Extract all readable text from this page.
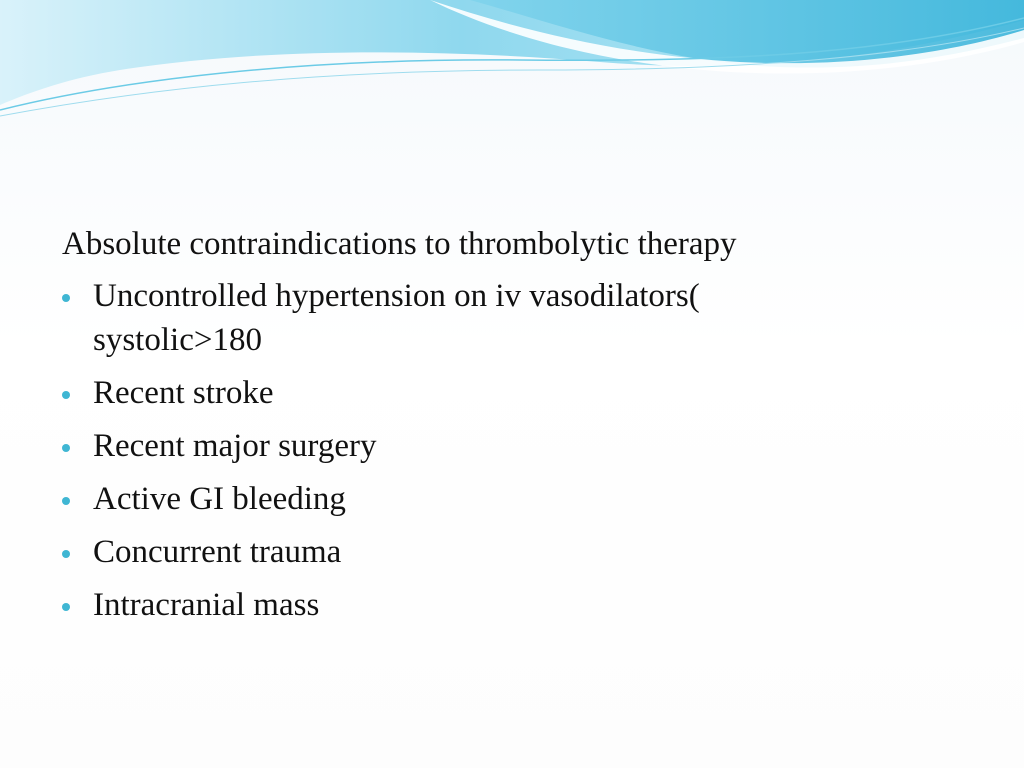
Absolute contraindications to thrombolytic therapy
Uncontrolled hypertension on iv vasodilators(
systolic>180
Recent stroke
Recent major surgery
Active GI bleeding
Concurrent trauma
Intracranial mass
